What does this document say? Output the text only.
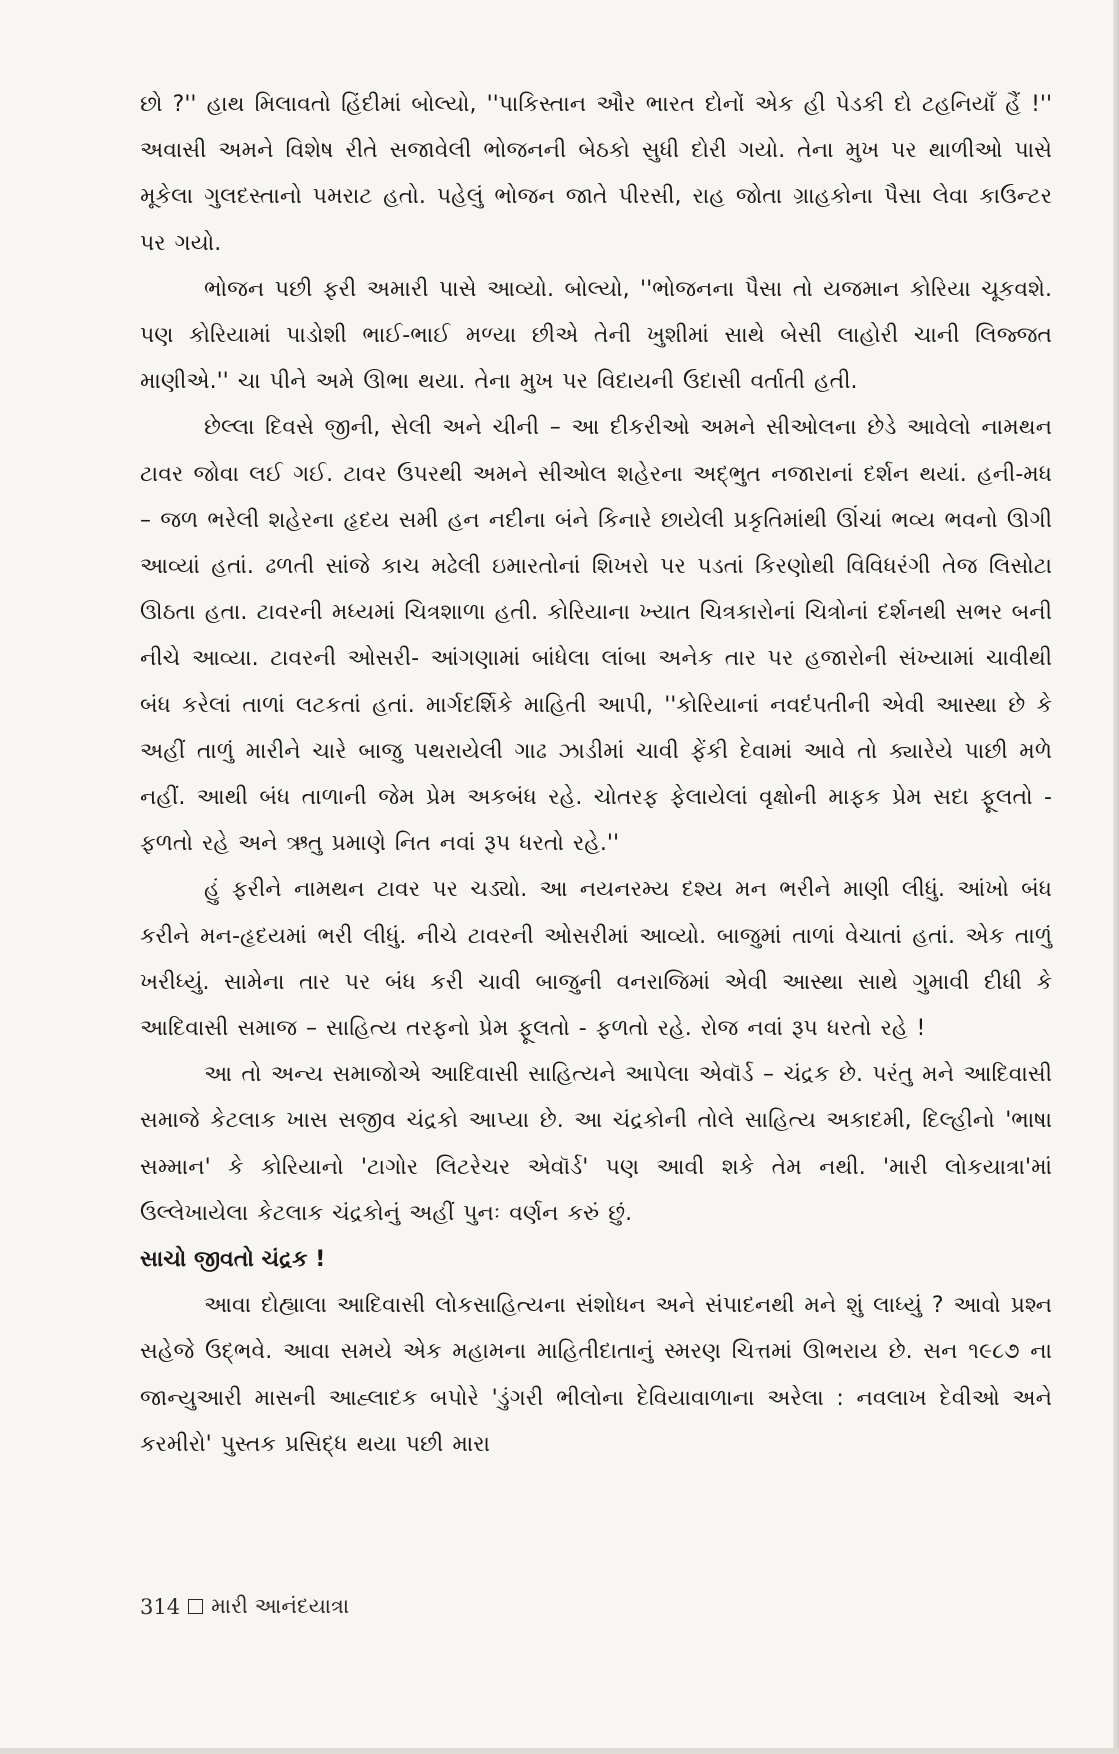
છો ?'' હાથ મિલાવતો હિંદીમાં બોલ્યો, ''પાકિસ્તાન ઔર ભારત દોનોં એક હી પેડકી દો ટહનિયાઁ હૈં !'' અવાસી અમને વિશેષ રીતે સજાવેલી ભોજનની બેઠકો સુધી દોરી ગયો. તેના મુખ પર થાળીઓ પાસે મૂકેલા ગુલદસ્તાનો પમરાટ હતો. પહેલું ભોજન જાતે પીરસી, રાહ જોતા ગ્રાહકોના પૈસા લેવા કાઉન્ટર પર ગયો.

ભોજન પછી ફરી અમારી પાસે આવ્યો. બોલ્યો, ''ભોજનના પૈસા તો યજમાન કોરિયા ચૂકવશે. પણ કોરિયામાં પાડોશી ભાઈ-ભાઈ મળ્યા છીએ તેની ખુશીમાં સાથે બેસી લાહોરી ચાની લિજ્જત માણીએ.'' ચા પીને અમે ઊભા થયા. તેના મુખ પર વિદાયની ઉદાસી વર્તાતી હતી.

છેલ્લા દિવસે જીની, સેલી અને ચીની – આ દીકરીઓ અમને સીઓલના છેડે આવેલો નામથન ટાવર જોવા લઈ ગઈ. ટાવર ઉપરથી અમને સીઓલ શહેરના અદ્ભુત નજારાનાં દર્શન થયાં. હની-મધ – જળ ભરેલી શહેરના હૃદય સમી હન નદીના બંને કિનારે છાયેલી પ્રકૃતિમાંથી ઊંચાં ભવ્ય ભવનો ઊગી આવ્યાં હતાં. ઢળતી સાંજે કાચ મઢેલી ઇમારતોનાં શિખરો પર પડતાં કિરણોથી વિવિધરંગી તેજ લિસોટા ઊઠતા હતા. ટાવરની મધ્યમાં ચિત્રશાળા હતી. કોરિયાના ખ્યાત ચિત્રકારોનાં ચિત્રોનાં દર્શનથી સભર બની નીચે આવ્યા. ટાવરની ઓસરી- આંગણામાં બાંધેલા લાંબા અનેક તાર પર હજારોની સંખ્યામાં ચાવીથી બંધ કરેલાં તાળાં લટકતાં હતાં. માર્ગદર્શિકે માહિતી આપી, ''કોરિયાનાં નવદંપતીની એવી આસ્થા છે કે અહીં તાળું મારીને ચારે બાજુ પથરાયેલી ગાઢ ઝાડીમાં ચાવી ફેંકી દેવામાં આવે તો ક્યારેયે પાછી મળે નહીં. આથી બંધ તાળાની જેમ પ્રેમ અકબંધ રહે. ચોતરફ ફેલાયેલાં વૃક્ષોની માફક પ્રેમ સદા ફૂલતો - ફળતો રહે અને ઋતુ પ્રમાણે નિત નવાં રૂપ ધરતો રહે.''

હું ફરીને નામથન ટાવર પર ચડ્યો. આ નયનરમ્ય દશ્ય મન ભરીને માણી લીધું. આંખો બંધ કરીને મન-હૃદયમાં ભરી લીધું. નીચે ટાવરની ઓસરીમાં આવ્યો. બાજુમાં તાળાં વેચાતાં હતાં. એક તાળું ખરીધ્યું. સામેના તાર પર બંધ કરી ચાવી બાજુની વનરાજિમાં એવી આસ્થા સાથે ગુમાવી દીધી કે આદિવાસી સમાજ – સાહિત્ય તરફનો પ્રેમ ફૂલતો - ફળતો રહે. રોજ નવાં રૂપ ધરતો રહે !

આ તો અન્ય સમાજોએ આદિવાસી સાહિત્યને આપેલા એવૉર્ડ – ચંદ્રક છે. પરંતુ મને આદિવાસી સમાજે કેટલાક ખાસ સજીવ ચંદ્રકો આપ્યા છે. આ ચંદ્રકોની તોલે સાહિત્ય અકાદમી, દિલ્હીનો 'ભાષા સમ્માન' કે કોરિયાનો 'ટાગોર લિટરેચર એવૉર્ડ' પણ આવી શકે તેમ નથી. 'મારી લોકયાત્રા'માં ઉલ્લેખાયેલા કેટલાક ચંદ્રકોનું અહીં પુનઃ વર્ણન કરું છું.

સાચો જીવતો ચંદ્રક !

આવા દોહ્યાલા આદિવાસી લોકસાહિત્યના સંશોધન અને સંપાદનથી મને શું લાધ્યું ? આવો પ્રશ્ન સહેજે ઉદ્ભવે. આવા સમયે એક મહામના માહિતીદાતાનું સ્મરણ ચિત્તમાં ઊભરાય છે. સન ૧૯૮૭ ના જાન્યુઆરી માસની આહ્લાદક બપોરે 'ડુંગરી ભીલોના દેવિયાવાળાના અરેલા : નવલાખ દેવીઓ અને કરમીરો' પુસ્તક પ્રસિદ્ધ થયા પછી મારા

314 મારી આનંદયાત્રા
